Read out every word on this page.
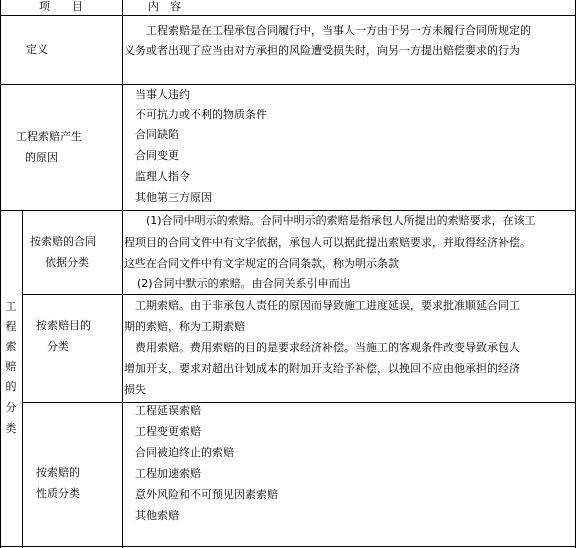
项　　目	内　容
定义
工程索赔是在工程承包合同履行中，当事人一方由于另一方未履行合同所规定的
义务或者出现了应当由对方承担的风险遭受损失时，向另一方提出赔偿要求的行为
工程索赔产生
的原因
当事人违约
不可抗力或不利的物质条件
合同缺陷
合同变更
监理人指令
其他第三方原因
工
程
索
赔
的
分
类
按索赔的合同
依据分类
(1)合同中明示的索赔。合同中明示的索赔是指承包人所提出的索赔要求，在该工
程项目的合同文件中有文字依据，承包人可以据此提出索赔要求，并取得经济补偿。
这些在合同文件中有文字规定的合同条款，称为明示条款
(2)合同中默示的索赔。由合同关系引申而出
按索赔目的
分类
工期索赔。由于非承包人责任的原因而导致施工进度延误，要求批准顺延合同工
期的索赔，称为工期索赔
费用索赔。费用索赔的目的是要求经济补偿。当施工的客观条件改变导致承包人
增加开支，要求对超出计划成本的附加开支给予补偿，以挽回不应由他承担的经济
损失
按索赔的
性质分类
工程延误索赔
工程变更索赔
合同被迫终止的索赔
工程加速索赔
意外风险和不可预见因素索赔
其他索赔
